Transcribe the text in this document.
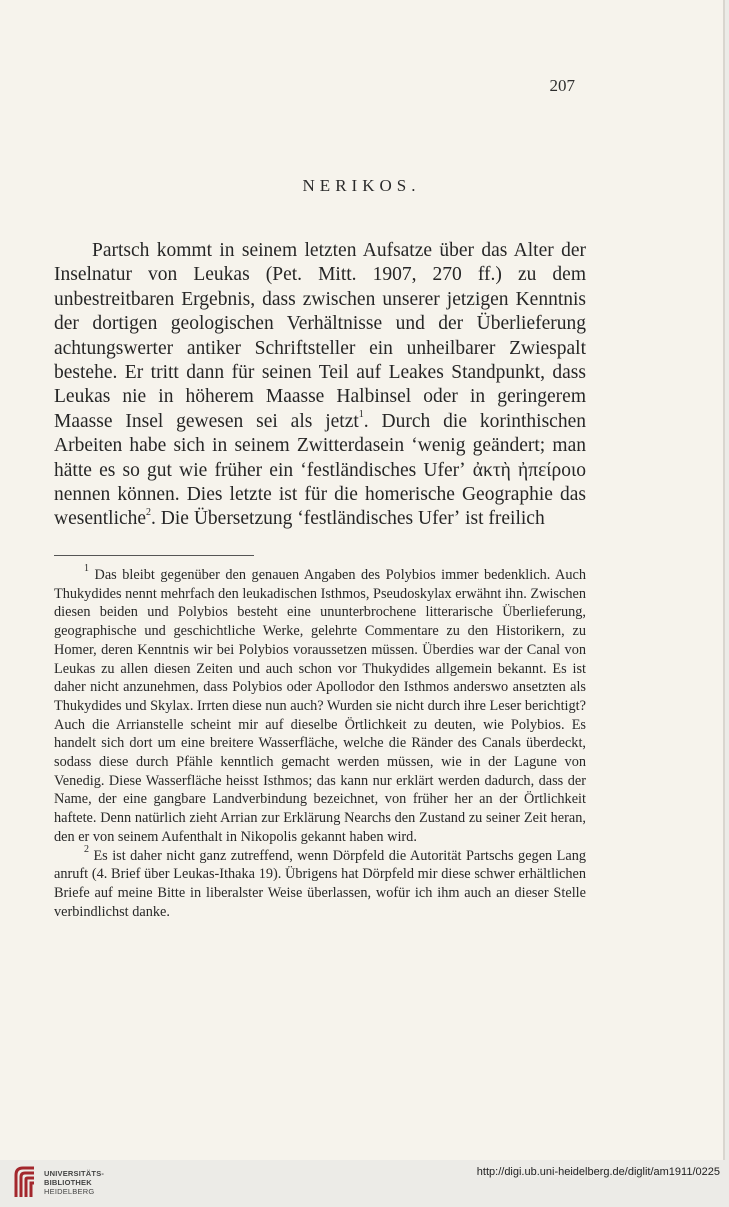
207
NERIKOS.

Partsch kommt in seinem letzten Aufsatze über das Alter der Inselnatur von Leukas (Pet. Mitt. 1907, 270 ff.) zu dem unbestreitbaren Ergebnis, dass zwischen unserer jetzigen Kenntnis der dortigen geologischen Verhältnisse und der Überlieferung achtungswerter antiker Schriftsteller ein unheilbarer Zwiespalt bestehe. Er tritt dann für seinen Teil auf Leakes Standpunkt, dass Leukas nie in höherem Maasse Halbinsel oder in geringerem Maasse Insel gewesen sei als jetzt$^1$. Durch die korinthischen Arbeiten habe sich in seinem Zwitterdasein ʻwenig geändert; man hätte es so gut wie früher ein ʻfestländisches Uferʼ ἀκτὴ ἠπείροιο nennen können. Dies letzte ist für die homerische Geographie das wesentliche$^2$. Die Übersetzung ʻfestländisches Uferʼ ist freilich

$^1$ Das bleibt gegenüber den genauen Angaben des Polybios immer bedenklich. Auch Thukydides nennt mehrfach den leukadischen Isthmos, Pseudoskylax erwähnt ihn. Zwischen diesen beiden und Polybios besteht eine ununterbrochene litterarische Überlieferung, geographische und geschichtliche Werke, gelehrte Commentare zu den Historikern, zu Homer, deren Kenntnis wir bei Polybios voraussetzen müssen. Überdies war der Canal von Leukas zu allen diesen Zeiten und auch schon vor Thukydides allgemein bekannt. Es ist daher nicht anzunehmen, dass Polybios oder Apollodor den Isthmos anderswo ansetzten als Thukydides und Skylax. Irrten diese nun auch? Wurden sie nicht durch ihre Leser berichtigt? Auch die Arrianstelle scheint mir auf dieselbe Örtlichkeit zu deuten, wie Polybios. Es handelt sich dort um eine breitere Wasserfläche, welche die Ränder des Canals überdeckt, sodass diese durch Pfähle kenntlich gemacht werden müssen, wie in der Lagune von Venedig. Diese Wasserfläche heisst Isthmos; das kann nur erklärt werden dadurch, dass der Name, der eine gangbare Landverbindung bezeichnet, von früher her an der Örtlichkeit haftete. Denn natürlich zieht Arrian zur Erklärung Nearchs den Zustand zu seiner Zeit heran, den er von seinem Aufenthalt in Nikopolis gekannt haben wird.

$^2$ Es ist daher nicht ganz zutreffend, wenn Dörpfeld die Autorität Partschs gegen Lang anruft (4. Brief über Leukas-Ithaka 19). Übrigens hat Dörpfeld mir diese schwer erhältlichen Briefe auf meine Bitte in liberalster Weise überlassen, wofür ich ihm auch an dieser Stelle verbindlichst danke.

UNIVERSITÄTS-
BIBLIOTHEK
HEIDELBERG
http://digi.ub.uni-heidelberg.de/diglit/am1911/0225
